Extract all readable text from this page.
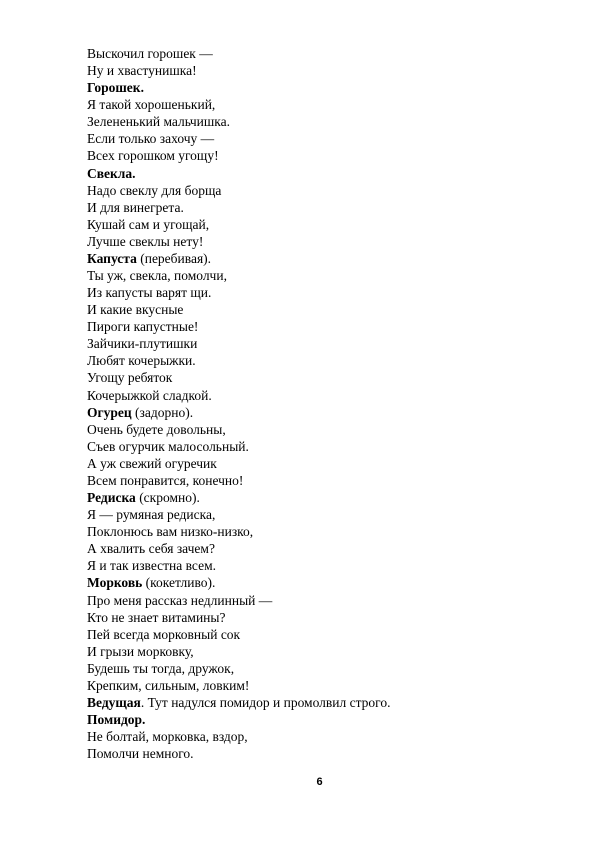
Выскочил горошек —
Ну и хвастунишка!
Горошек.
Я такой хорошенький,
Зелененький мальчишка.
Если только захочу —
Всех горошком угощу!
Свекла.
Надо свеклу для борща
И для винегрета.
Кушай сам и угощай,
Лучше свеклы нету!
Капуста (перебивая).
Ты уж, свекла, помолчи,
Из капусты варят щи.
И какие вкусные
Пироги капустные!
Зайчики-плутишки
Любят кочерыжки.
Угощу ребяток
Кочерыжкой сладкой.
Огурец (задорно).
Очень будете довольны,
Съев огурчик малосольный.
А уж свежий огуречик
Всем понравится, конечно!
Редиска (скромно).
Я — румяная редиска,
Поклонюсь вам низко-низко,
А хвалить себя зачем?
Я и так известна всем.
Морковь (кокетливо).
Про меня рассказ недлинный —
Кто не знает витамины?
Пей всегда морковный сок
И грызи морковку,
Будешь ты тогда, дружок,
Крепким, сильным, ловким!
Ведущая. Тут надулся помидор и промолвил строго.
Помидор.
Не болтай, морковка, вздор,
Помолчи немного.
6
